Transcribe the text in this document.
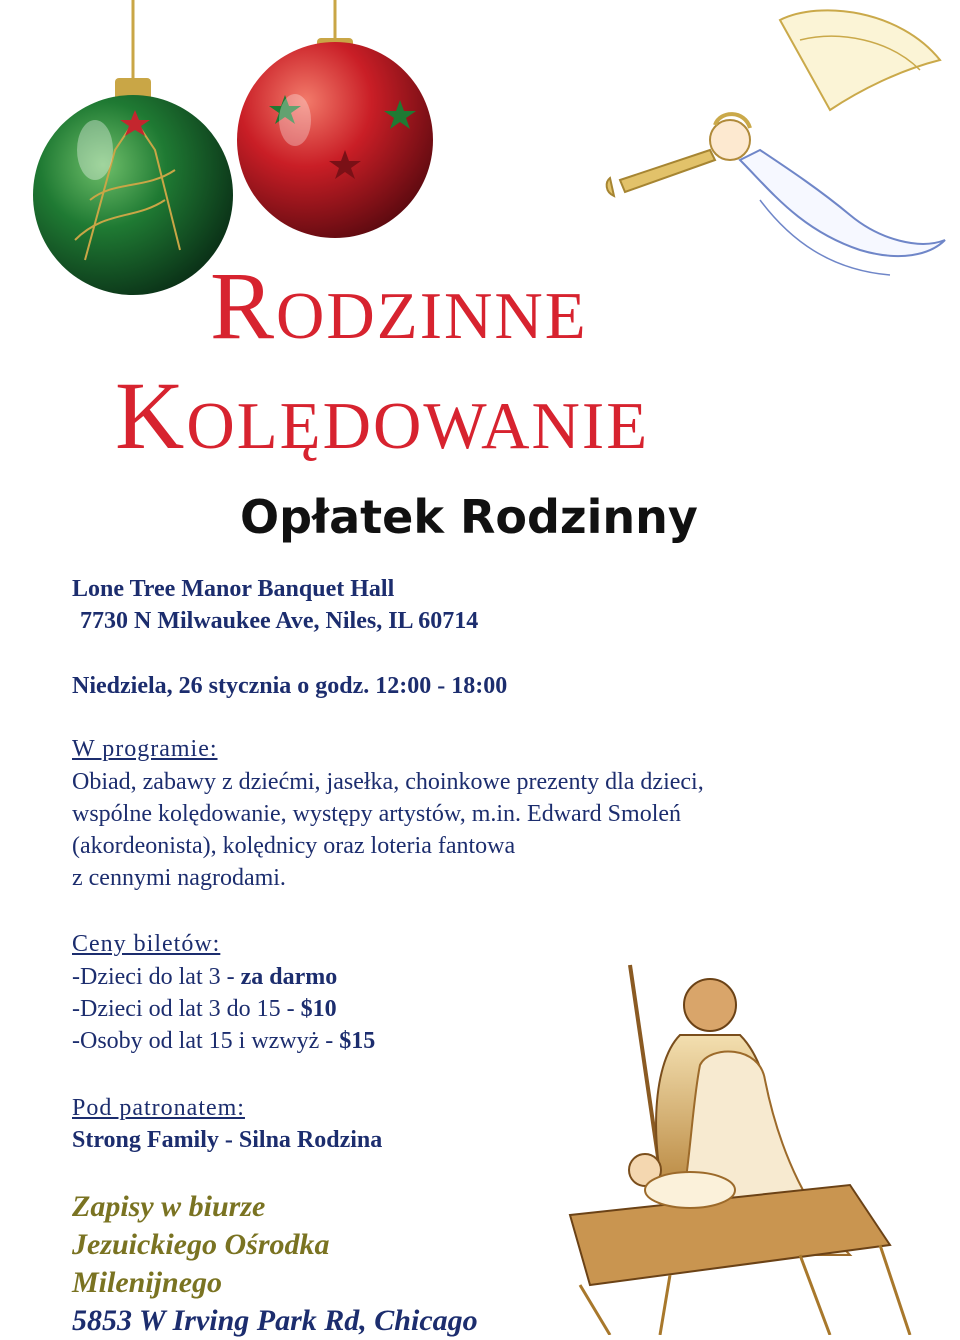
Rodzinne
Kolędowanie
Opłatek Rodzinny
Lone Tree Manor Banquet Hall
7730 N Milwaukee Ave, Niles, IL 60714
Niedziela, 26 stycznia o godz. 12:00 - 18:00
W programie:
Obiad, zabawy z dziećmi, jasełka, choinkowe prezenty dla dzieci,
wspólne kolędowanie, występy artystów, m.in. Edward Smoleń
(akordeonista), kolędnicy oraz loteria fantowa
z cennymi nagrodami.
Ceny biletów:
-Dzieci do lat 3 - za darmo
-Dzieci od lat 3 do 15 - $10
-Osoby od lat 15 i wzwyż - $15
Pod patronatem:
Strong Family - Silna Rodzina
Zapisy w biurze
Jezuickiego Ośrodka
Milenijnego
5853 W Irving Park Rd, Chicago
